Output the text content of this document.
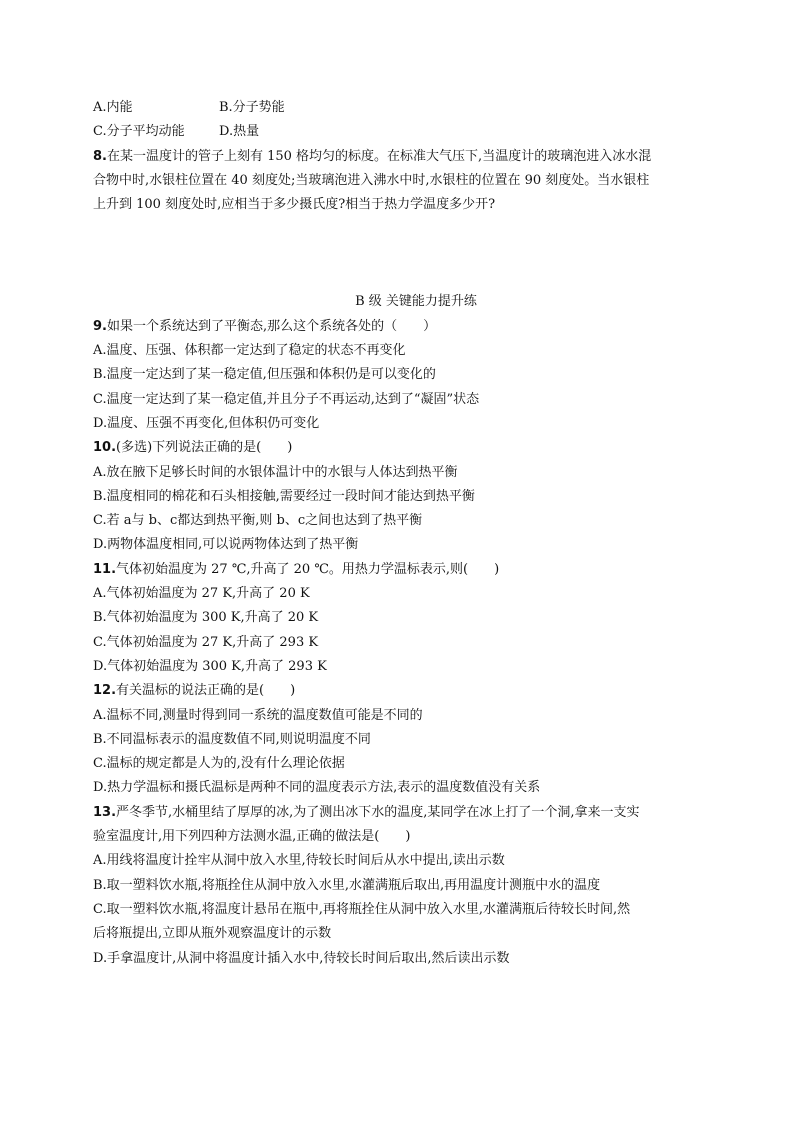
A.内能	B.分子势能
C.分子平均动能	D.热量
8.在某一温度计的管子上刻有 150 格均匀的标度。在标准大气压下,当温度计的玻璃泡进入冰水混
合物中时,水银柱位置在 40 刻度处;当玻璃泡进入沸水中时,水银柱的位置在 90 刻度处。当水银柱
上升到 100 刻度处时,应相当于多少摄氏度?相当于热力学温度多少开?
B 级 关键能力提升练
9.如果一个系统达到了平衡态,那么这个系统各处的（　　）
A.温度、压强、体积都一定达到了稳定的状态不再变化
B.温度一定达到了某一稳定值,但压强和体积仍是可以变化的
C.温度一定达到了某一稳定值,并且分子不再运动,达到了“凝固”状态
D.温度、压强不再变化,但体积仍可变化
10.(多选)下列说法正确的是(　　)
A.放在腋下足够长时间的水银体温计中的水银与人体达到热平衡
B.温度相同的棉花和石头相接触,需要经过一段时间才能达到热平衡
C.若 a与 b、c都达到热平衡,则 b、c之间也达到了热平衡
D.两物体温度相同,可以说两物体达到了热平衡
11.气体初始温度为 27 ℃,升高了 20 ℃。用热力学温标表示,则(　　)
A.气体初始温度为 27 K,升高了 20 K
B.气体初始温度为 300 K,升高了 20 K
C.气体初始温度为 27 K,升高了 293 K
D.气体初始温度为 300 K,升高了 293 K
12.有关温标的说法正确的是(　　)
A.温标不同,测量时得到同一系统的温度数值可能是不同的
B.不同温标表示的温度数值不同,则说明温度不同
C.温标的规定都是人为的,没有什么理论依据
D.热力学温标和摄氏温标是两种不同的温度表示方法,表示的温度数值没有关系
13.严冬季节,水桶里结了厚厚的冰,为了测出冰下水的温度,某同学在冰上打了一个洞,拿来一支实
验室温度计,用下列四种方法测水温,正确的做法是(　　)
A.用线将温度计拴牢从洞中放入水里,待较长时间后从水中提出,读出示数
B.取一塑料饮水瓶,将瓶拴住从洞中放入水里,水灌满瓶后取出,再用温度计测瓶中水的温度
C.取一塑料饮水瓶,将温度计悬吊在瓶中,再将瓶拴住从洞中放入水里,水灌满瓶后待较长时间,然
后将瓶提出,立即从瓶外观察温度计的示数
D.手拿温度计,从洞中将温度计插入水中,待较长时间后取出,然后读出示数
